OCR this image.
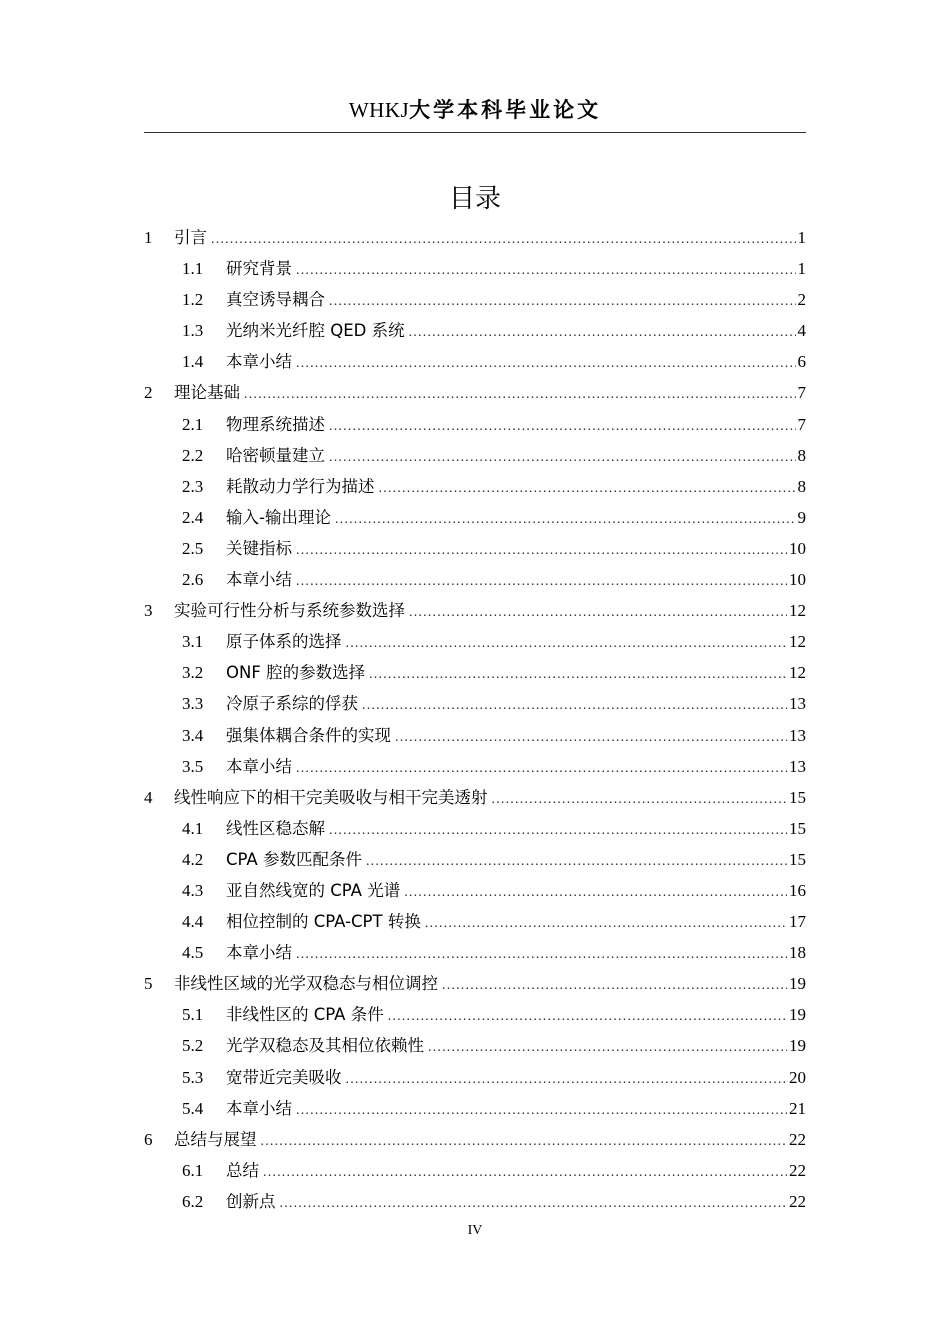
WHKJ大学本科毕业论文
目录
1	引言 .....	1
1.1	研究背景 .....	1
1.2	真空诱导耦合 .....	2
1.3	光纳米光纤腔 QED 系统 .....	4
1.4	本章小结 .....	6
2	理论基础 .....	7
2.1	物理系统描述 .....	7
2.2	哈密顿量建立 .....	8
2.3	耗散动力学行为描述 .....	8
2.4	输入-输出理论 .....	9
2.5	关键指标 .....	10
2.6	本章小结 .....	10
3	实验可行性分析与系统参数选择 .....	12
3.1	原子体系的选择 .....	12
3.2	ONF 腔的参数选择 .....	12
3.3	冷原子系综的俘获 .....	13
3.4	强集体耦合条件的实现 .....	13
3.5	本章小结 .....	13
4	线性响应下的相干完美吸收与相干完美透射 .....	15
4.1	线性区稳态解 .....	15
4.2	CPA 参数匹配条件 .....	15
4.3	亚自然线宽的 CPA 光谱 .....	16
4.4	相位控制的 CPA-CPT 转换 .....	17
4.5	本章小结 .....	18
5	非线性区域的光学双稳态与相位调控 .....	19
5.1	非线性区的 CPA 条件 .....	19
5.2	光学双稳态及其相位依赖性 .....	19
5.3	宽带近完美吸收 .....	20
5.4	本章小结 .....	21
6	总结与展望 .....	22
6.1	总结 .....	22
6.2	创新点 .....	22
IV
